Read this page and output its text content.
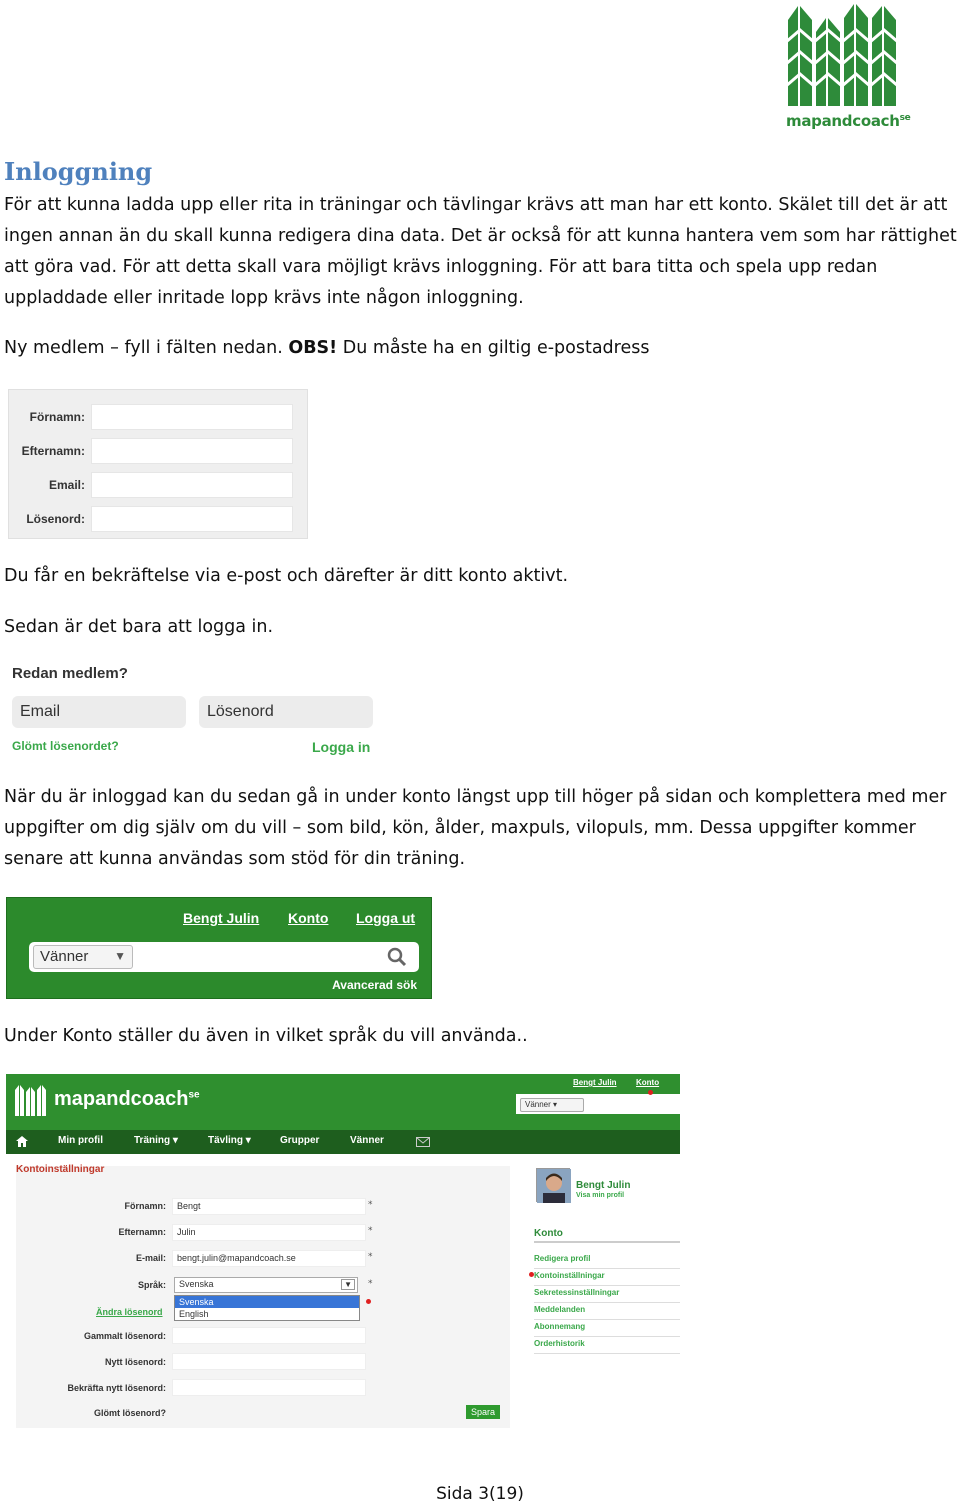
mapandcoach$^{se}$
Inloggning
För att kunna ladda upp eller rita in träningar och tävlingar krävs att man har ett konto. Skälet till det är att
ingen annan än du skall kunna redigera dina data. Det är också för att kunna hantera vem som har rättighet
att göra vad. För att detta skall vara möjligt krävs inloggning. För att bara titta och spela upp redan
uppladdade eller inritade lopp krävs inte någon inloggning.
Ny medlem – fyll i fälten nedan. OBS! Du måste ha en giltig e-postadress
Förnamn:
Efternamn:
Email:
Lösenord:
Du får en bekräftelse via e-post och därefter är ditt konto aktivt.
Sedan är det bara att logga in.
Redan medlem?
Email	Lösenord
Glömt lösenordet?	Logga in
När du är inloggad kan du sedan gå in under konto längst upp till höger på sidan och komplettera med mer
uppgifter om dig själv om du vill – som bild, kön, ålder, maxpuls, vilopuls, mm. Dessa uppgifter kommer
senare att kunna användas som stöd för din träning.
Bengt Julin Konto Logga ut
Vänner ▼
Avancerad sök
Under Konto ställer du även in vilket språk du vill använda..
mapandcoach$^{se}$
Bengt Julin Konto
Vänner ▾
Min profil	Träning ▾	Tävling ▾	Grupper	Vänner
Kontoinställningar
Förnamn:	Bengt	*
Efternamn:	Julin	*
E-mail:	bengt.julin@mapandcoach.se	*
Språk:	Svenska	▼	*
Svenska
English
Ändra lösenord
Gammalt lösenord:
Nytt lösenord:
Bekräfta nytt lösenord:
Glömt lösenord?	Spara
Bengt Julin
Visa min profil
Konto
Redigera profil
Kontoinställningar
Sekretessinställningar
Meddelanden
Abonnemang
Orderhistorik
Sida 3(19)
